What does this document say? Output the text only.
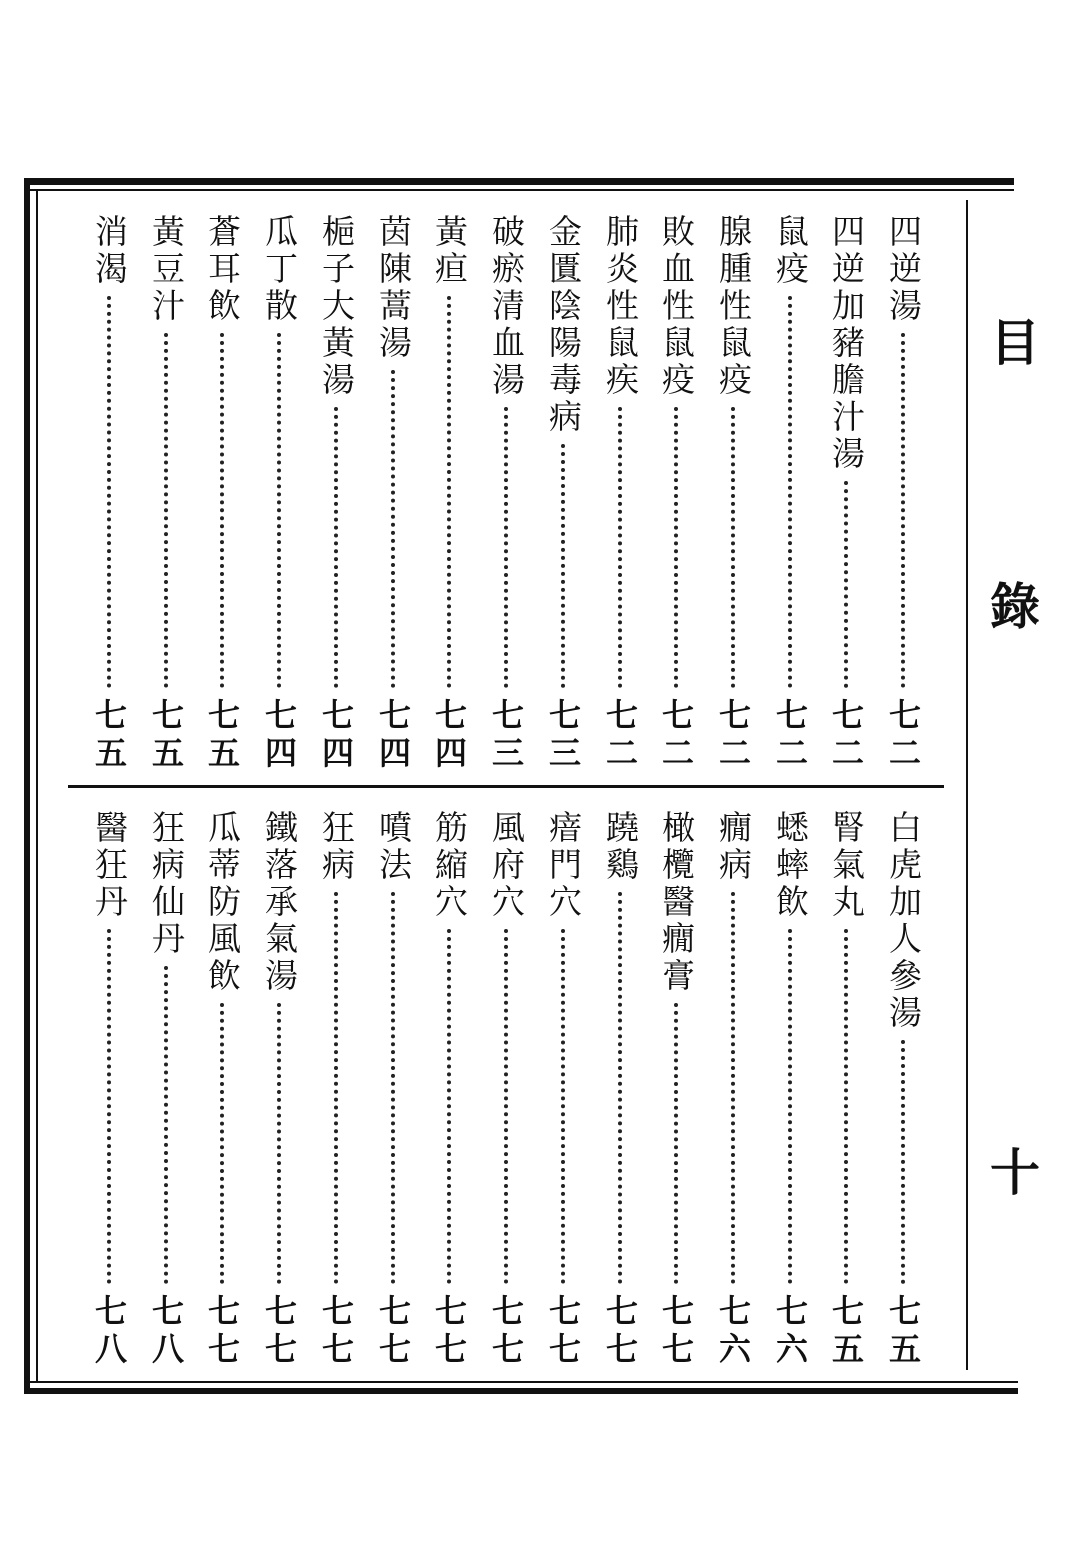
目
錄
十
四逆湯
七二
四逆加豬膽汁湯
七二
鼠疫
七二
腺腫性鼠疫
七二
敗血性鼠疫
七二
肺炎性鼠疾
七二
金匱陰陽毒病
七三
破瘀清血湯
七三
黃疸
七四
茵陳蒿湯
七四
梔子大黃湯
七四
瓜丁散
七四
蒼耳飲
七五
黃豆汁
七五
消渴
七五
白虎加人參湯
七五
腎氣丸
七五
蟋蟀飲
七六
癇病
七六
橄欖醫癇膏
七七
蹺鷄
七七
瘖門穴
七七
風府穴
七七
筋縮穴
七七
噴法
七七
狂病
七七
鐵落承氣湯
七七
瓜蒂防風飲
七七
狂病仙丹
七八
醫狂丹
七八
